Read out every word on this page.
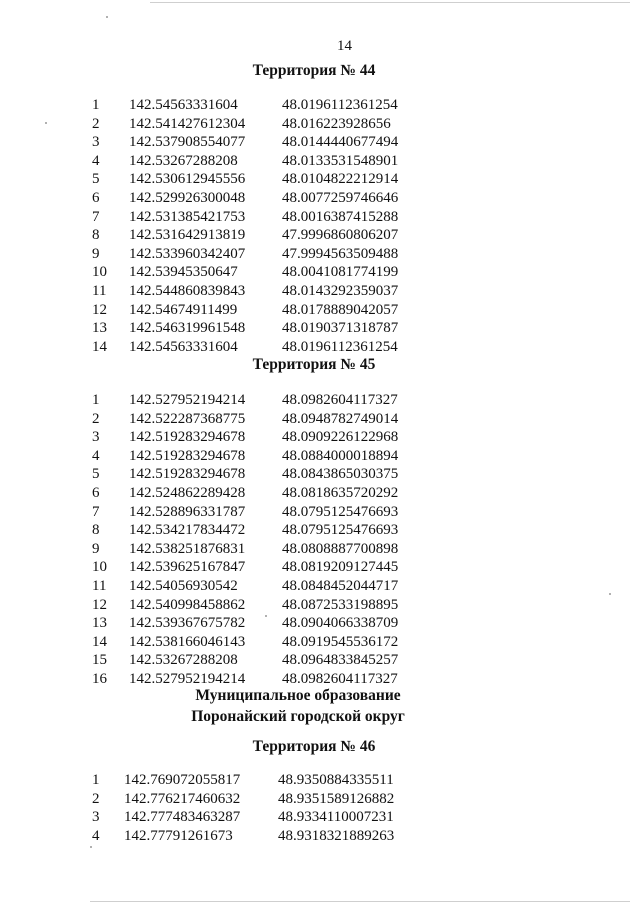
14
Территория № 44
1	142.54563331604	48.0196112361254
2	142.541427612304 48.016223928656
3	142.537908554077 48.0144440677494
4	142.53267288208	48.0133531548901
5	142.530612945556 48.0104822212914
6	142.529926300048 48.0077259746646
7	142.531385421753 48.0016387415288
8	142.531642913819 47.9996860806207
9	142.533960342407 47.9994563509488
10	142.53945350647	48.0041081774199
11	142.544860839843 48.0143292359037
12	142.54674911499	48.0178889042057
13	142.546319961548 48.0190371318787
14	142.54563331604	48.0196112361254
Территория № 45
1	142.527952194214 48.0982604117327
2	142.522287368775 48.0948782749014
3	142.519283294678 48.0909226122968
4	142.519283294678 48.0884000018894
5	142.519283294678 48.0843865030375
6	142.524862289428 48.0818635720292
7	142.528896331787 48.0795125476693
8	142.534217834472 48.0795125476693
9	142.538251876831 48.0808887700898
10	142.539625167847 48.0819209127445
11	142.54056930542	48.0848452044717
12	142.540998458862 48.0872533198895
13	142.539367675782 48.0904066338709
14	142.538166046143 48.0919545536172
15	142.53267288208	48.0964833845257
16	142.527952194214 48.0982604117327
Муниципальное образование
Поронайский городской округ
Территория № 46
1	142.769072055817	48.9350884335511
2	142.776217460632	48.9351589126882
3	142.777483463287	48.9334110007231
4	142.77791261673	48.9318321889263
